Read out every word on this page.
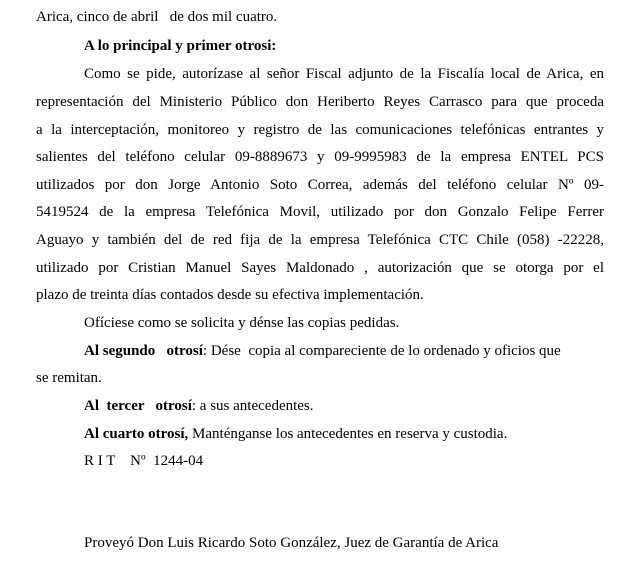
Arica, cinco de abril   de dos mil cuatro.
A lo principal y primer otrosi:
Como se pide, autorízase al señor Fiscal adjunto de la Fiscalía local de Arica, en
representación del Ministerio Público don Heriberto Reyes Carrasco para que proceda
a la interceptación, monitoreo y registro de las comunicaciones telefónicas entrantes y
salientes del teléfono celular 09-8889673 y 09-9995983 de la empresa ENTEL PCS
utilizados por don Jorge Antonio Soto Correa, además del teléfono celular Nº 09-
5419524 de la empresa Telefónica Movil, utilizado por don Gonzalo Felipe Ferrer
Aguayo y también del de red fija de la empresa Telefónica CTC Chile (058) -22228,
utilizado por Cristian Manuel Sayes Maldonado , autorización que se otorga por el
plazo de treinta días contados desde su efectiva implementación.
Ofíciese como se solicita y dénse las copias pedidas.
Al segundo   otrosí: Dése  copia al compareciente de lo ordenado y oficios que
se remitan.
Al  tercer   otrosí: a sus antecedentes.
Al cuarto otrosí, Manténganse los antecedentes en reserva y custodia.
R I T    Nº  1244-04
Proveyó Don Luis Ricardo Soto González, Juez de Garantía de Arica
